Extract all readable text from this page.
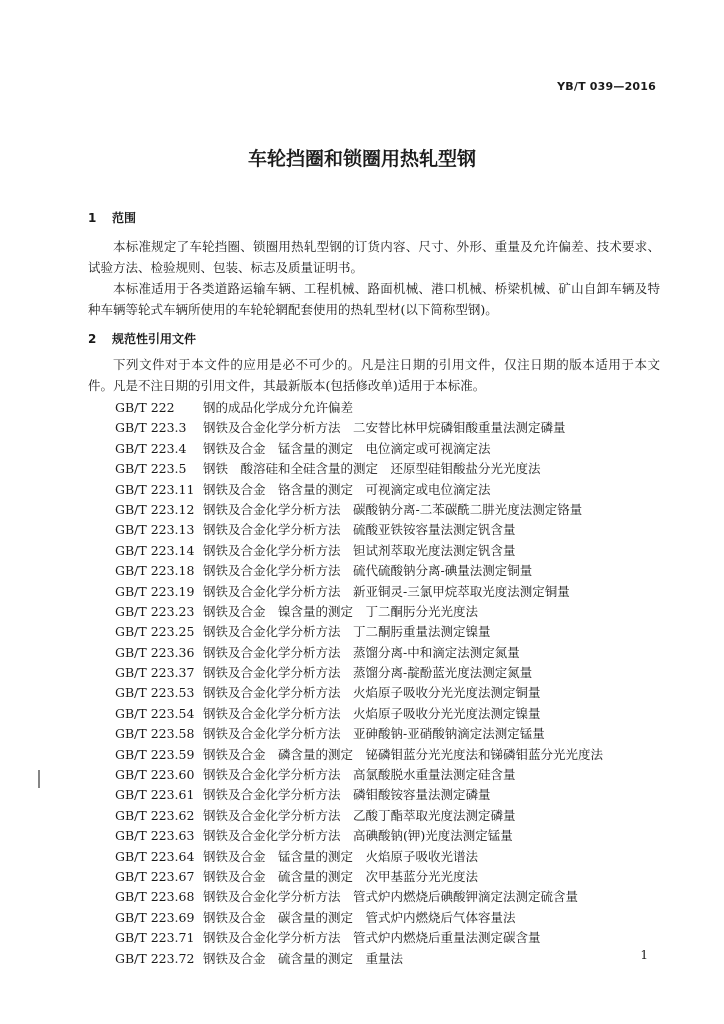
YB/T 039—2016
车轮挡圈和锁圈用热轧型钢
1 范围
本标准规定了车轮挡圈、锁圈用热轧型钢的订货内容、尺寸、外形、重量及允许偏差、技术要求、试验方法、检验规则、包装、标志及质量证明书。
本标准适用于各类道路运输车辆、工程机械、路面机械、港口机械、桥梁机械、矿山自卸车辆及特种车辆等轮式车辆所使用的车轮轮辋配套使用的热轧型材(以下简称型钢)。
2 规范性引用文件
下列文件对于本文件的应用是必不可少的。凡是注日期的引用文件，仅注日期的版本适用于本文件。凡是不注日期的引用文件，其最新版本(包括修改单)适用于本标准。
GB/T 222	钢的成品化学成分允许偏差
GB/T 223.3	钢铁及合金化学分析方法　二安替比林甲烷磷钼酸重量法测定磷量
GB/T 223.4	钢铁及合金　锰含量的测定　电位滴定或可视滴定法
GB/T 223.5	钢铁　酸溶硅和全硅含量的测定　还原型硅钼酸盐分光光度法
GB/T 223.11 钢铁及合金　铬含量的测定　可视滴定或电位滴定法
GB/T 223.12 钢铁及合金化学分析方法　碳酸钠分离-二苯碳酰二肼光度法测定铬量
GB/T 223.13 钢铁及合金化学分析方法　硫酸亚铁铵容量法测定钒含量
GB/T 223.14 钢铁及合金化学分析方法　钽试剂萃取光度法测定钒含量
GB/T 223.18 钢铁及合金化学分析方法　硫代硫酸钠分离-碘量法测定铜量
GB/T 223.19 钢铁及合金化学分析方法　新亚铜灵-三氯甲烷萃取光度法测定铜量
GB/T 223.23 钢铁及合金　镍含量的测定　丁二酮肟分光光度法
GB/T 223.25 钢铁及合金化学分析方法　丁二酮肟重量法测定镍量
GB/T 223.36 钢铁及合金化学分析方法　蒸馏分离-中和滴定法测定氮量
GB/T 223.37 钢铁及合金化学分析方法　蒸馏分离-靛酚蓝光度法测定氮量
GB/T 223.53 钢铁及合金化学分析方法　火焰原子吸收分光光度法测定铜量
GB/T 223.54 钢铁及合金化学分析方法　火焰原子吸收分光光度法测定镍量
GB/T 223.58 钢铁及合金化学分析方法　亚砷酸钠-亚硝酸钠滴定法测定锰量
GB/T 223.59 钢铁及合金　磷含量的测定　铋磷钼蓝分光光度法和锑磷钼蓝分光光度法
GB/T 223.60 钢铁及合金化学分析方法　高氯酸脱水重量法测定硅含量
GB/T 223.61 钢铁及合金化学分析方法　磷钼酸铵容量法测定磷量
GB/T 223.62 钢铁及合金化学分析方法　乙酸丁酯萃取光度法测定磷量
GB/T 223.63 钢铁及合金化学分析方法　高碘酸钠(钾)光度法测定锰量
GB/T 223.64 钢铁及合金　锰含量的测定　火焰原子吸收光谱法
GB/T 223.67 钢铁及合金　硫含量的测定　次甲基蓝分光光度法
GB/T 223.68 钢铁及合金化学分析方法　管式炉内燃烧后碘酸钾滴定法测定硫含量
GB/T 223.69 钢铁及合金　碳含量的测定　管式炉内燃烧后气体容量法
GB/T 223.71 钢铁及合金化学分析方法　管式炉内燃烧后重量法测定碳含量
GB/T 223.72 钢铁及合金　硫含量的测定　重量法	1
